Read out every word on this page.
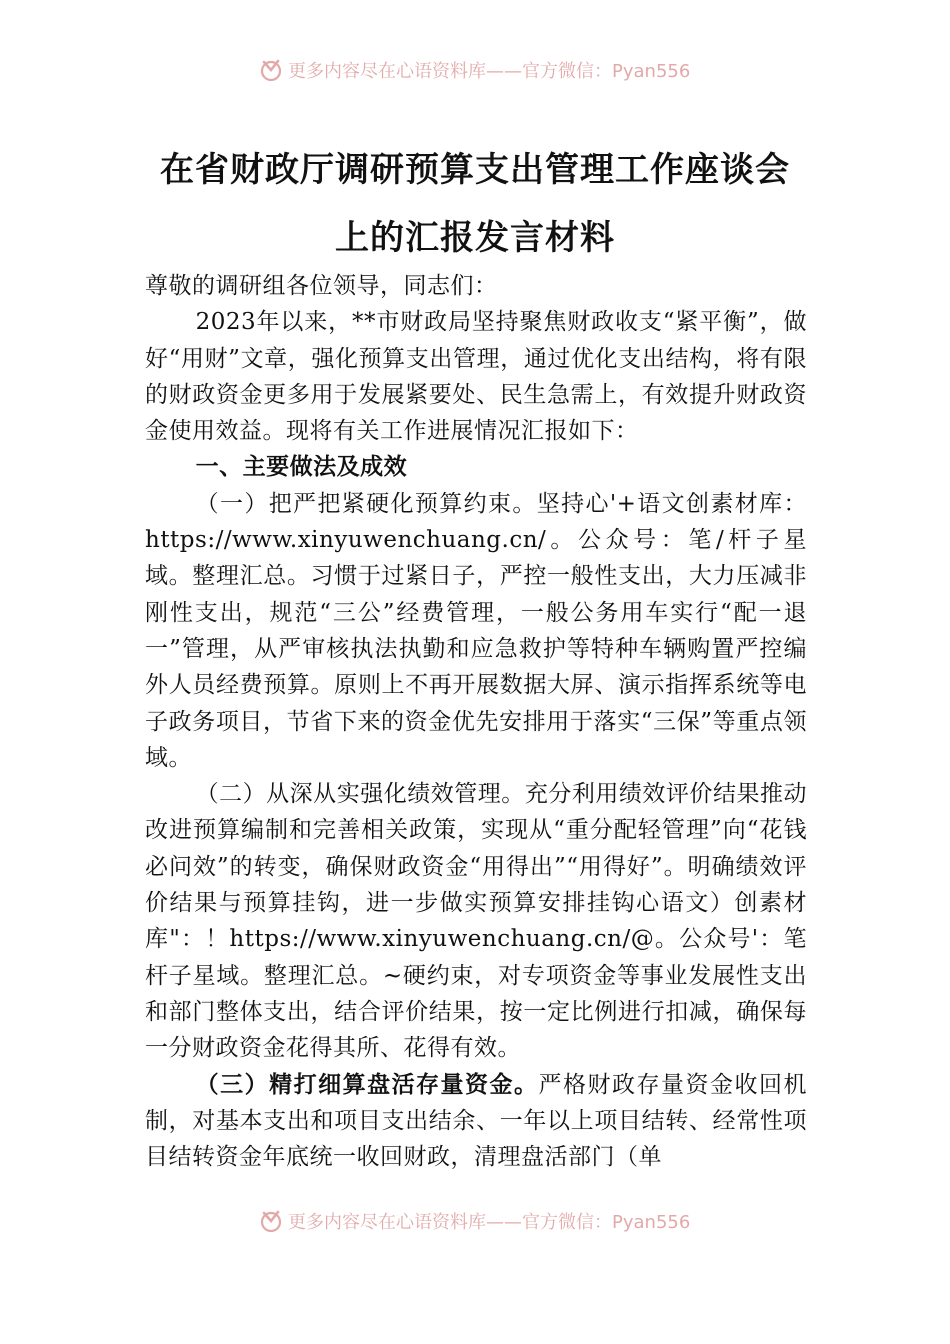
更多内容尽在心语资料库——官方微信：Pyan556
在省财政厅调研预算支出管理工作座谈会
上的汇报发言材料

尊敬的调研组各位领导，同志们：

2023年以来，**市财政局坚持聚焦财政收支“紧平衡”，做好“用财”文章，强化预算支出管理，通过优化支出结构，将有限的财政资金更多用于发展紧要处、民生急需上，有效提升财政资金使用效益。现将有关工作进展情况汇报如下：

一、主要做法及成效

（一）把严把紧硬化预算约束。坚持心'+语文创素材库：https://www.xinyuwenchuang.cn/。公众号：笔/杆子星域。整理汇总。习惯于过紧日子，严控一般性支出，大力压减非刚性支出，规范“三公”经费管理，一般公务用车实行“配一退一”管理，从严审核执法执勤和应急救护等特种车辆购置严控编外人员经费预算。原则上不再开展数据大屏、演示指挥系统等电子政务项目，节省下来的资金优先安排用于落实“三保”等重点领域。

（二）从深从实强化绩效管理。充分利用绩效评价结果推动改进预算编制和完善相关政策，实现从“重分配轻管理”向“花钱必问效”的转变，确保财政资金“用得出”“用得好”。明确绩效评价结果与预算挂钩，进一步做实预算安排挂钩心语文）创素材库"：！https://www.xinyuwenchuang.cn/@。公众号'：笔杆子星域。整理汇总。~硬约束，对专项资金等事业发展性支出和部门整体支出，结合评价结果，按一定比例进行扣减，确保每一分财政资金花得其所、花得有效。

（三）精打细算盘活存量资金。严格财政存量资金收回机制，对基本支出和项目支出结余、一年以上项目结转、经常性项目结转资金年底统一收回财政，清理盘活部门（单

更多内容尽在心语资料库——官方微信：Pyan556
